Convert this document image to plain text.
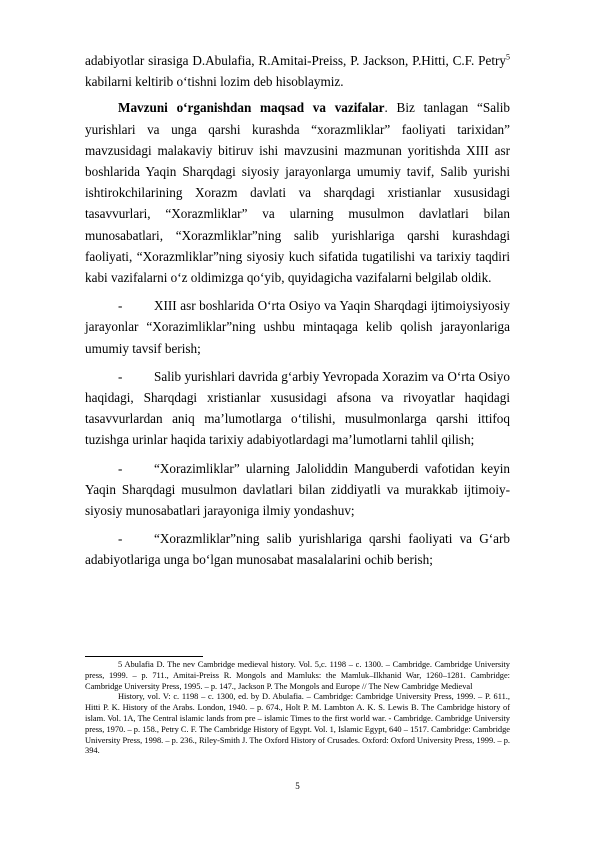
adabiyotlar sirasiga D.Abulafia, R.Amitai-Preiss, P. Jackson, P.Hitti, C.F. Petry$^5$ kabilarni keltirib o‘tishni lozim deb hisoblaymiz.

Mavzuni o‘rganishdan maqsad va vazifalar. Biz tanlagan “Salib yurishlari va unga qarshi kurashda “xorazmliklar” faoliyati tarixidan” mavzusidagi malakaviy bitiruv ishi mavzusini mazmunan yoritishda XIII asr boshlarida Yaqin Sharqdagi siyosiy jarayonlarga umumiy tavif, Salib yurishi ishtirokchilarining Xorazm davlati va sharqdagi xristianlar xususidagi tasavvurlari, “Xorazmliklar” va ularning musulmon davlatlari bilan munosabatlari, “Xorazmliklar”ning salib yurishlariga qarshi kurashdagi faoliyati, “Xorazmliklar”ning siyosiy kuch sifatida tugatilishi va tarixiy taqdiri kabi vazifalarni o‘z oldimizga qo‘yib, quyidagicha vazifalarni belgilab oldik.

- XIII asr boshlarida O‘rta Osiyo va Yaqin Sharqdagi ijtimoiysiyosiy jarayonlar “Xorazimliklar”ning ushbu mintaqaga kelib qolish jarayonlariga umumiy tavsif berish;

- Salib yurishlari davrida g‘arbiy Yevropada Xorazim va O‘rta Osiyo haqidagi, Sharqdagi xristianlar xususidagi afsona va rivoyatlar haqidagi tasavvurlardan aniq ma’lumotlarga o‘tilishi, musulmonlarga qarshi ittifoq tuzishga urinlar haqida tarixiy adabiyotlardagi ma’lumotlarni tahlil qilish;

- “Xorazimliklar” ularning Jaloliddin Manguberdi vafotidan keyin Yaqin Sharqdagi musulmon davlatlari bilan ziddiyatli va murakkab ijtimoiy-siyosiy munosabatlari jarayoniga ilmiy yondashuv;

- “Xorazmliklar”ning salib yurishlariga qarshi faoliyati va G‘arb adabiyotlariga unga bo‘lgan munosabat masalalarini ochib berish;

5 Abulafia D. The nev Cambridge medieval history. Vol. 5,c. 1198 – c. 1300. – Cambridge. Cambridge University press, 1999. – p. 711., Amitai-Preiss R. Mongols and Mamluks: the Mamluk–Ilkhanid War, 1260–1281. Cambridge: Cambridge University Press, 1995. – p. 147., Jackson P. The Mongols and Europe // The New Cambridge Medieval

History, vol. V: c. 1198 – c. 1300, ed. by D. Abulafia. – Cambridge: Cambridge University Press, 1999. – P. 611., Hitti P. K. History of the Arabs. London, 1940. – p. 674., Holt P. M. Lambton A. K. S. Lewis B. The Cambridge history of islam. Vol. 1A, The Central islamic lands from pre – islamic Times to the first world war. - Cambridge. Cambridge University press, 1970. – p. 158., Petry C. F. The Cambridge History of Egypt. Vol. 1, Islamic Egypt, 640 – 1517. Cambridge: Cambridge University Press, 1998. – p. 236., Riley-Smith J. The Oxford History of Crusades. Oxford: Oxford University Press, 1999. – p. 394.

5
